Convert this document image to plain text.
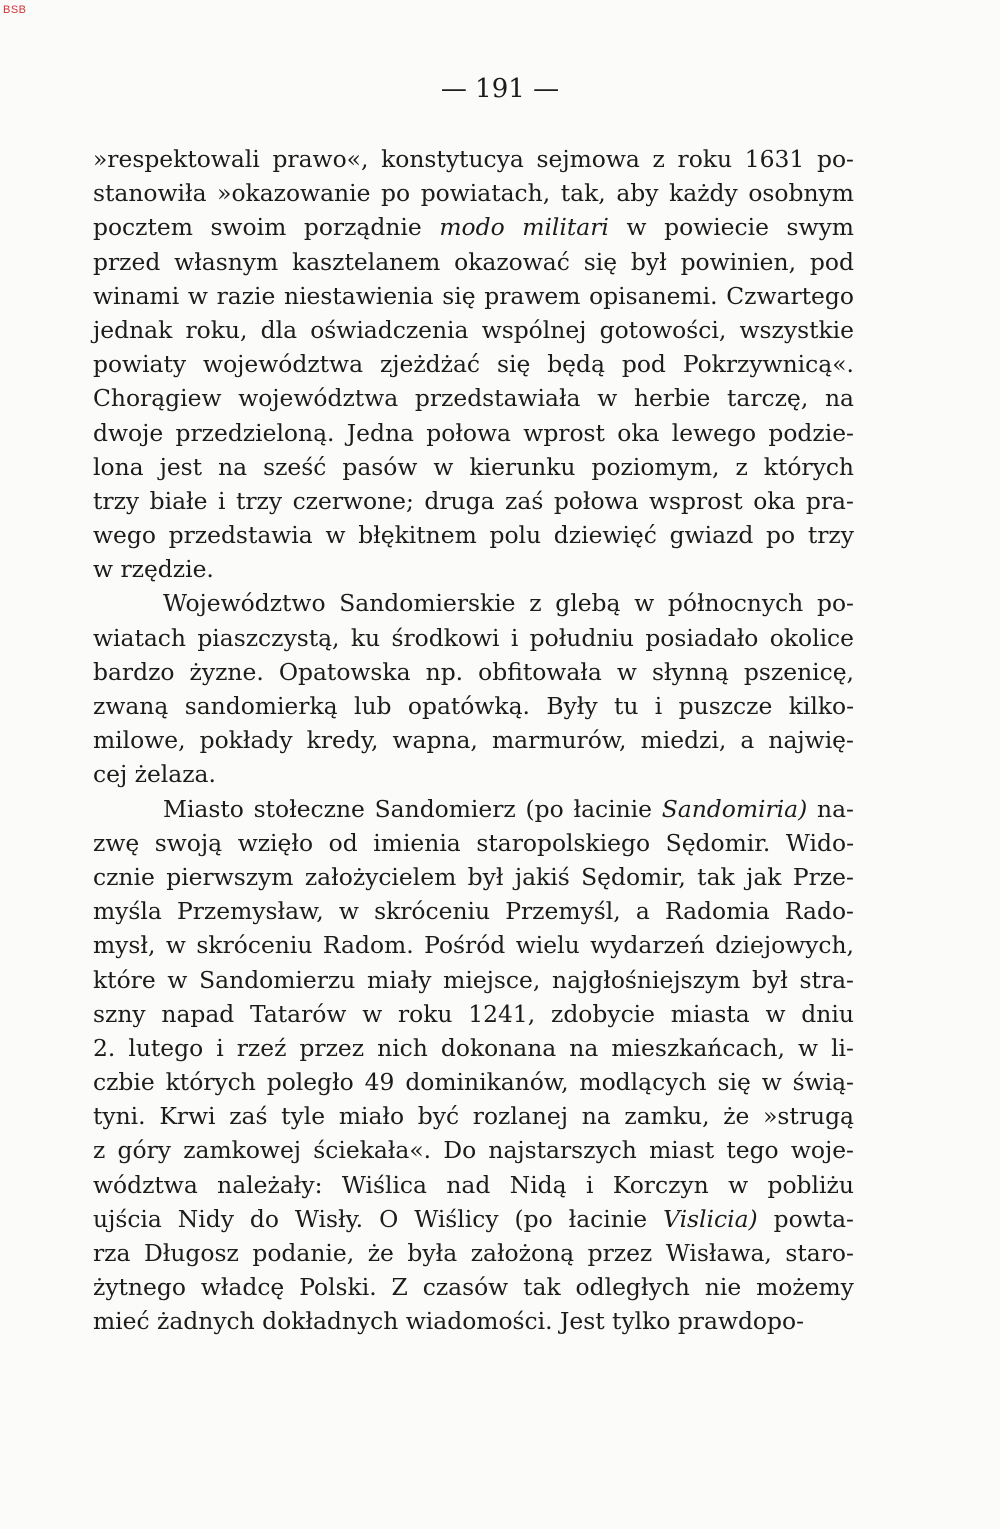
BSB
— 191 —
»respektowali prawo«, konstytucya sejmowa z roku 1631 po-
stanowiła »okazowanie po powiatach, tak, aby każdy osobnym
pocztem swoim porządnie modo militari w powiecie swym
przed własnym kasztelanem okazować się był powinien, pod
winami w razie niestawienia się prawem opisanemi. Czwartego
jednak roku, dla oświadczenia wspólnej gotowości, wszystkie
powiaty województwa zjeżdżać się będą pod Pokrzywnicą«.
Chorągiew województwa przedstawiała w herbie tarczę, na
dwoje przedzieloną. Jedna połowa wprost oka lewego podzie-
lona jest na sześć pasów w kierunku poziomym, z których
trzy białe i trzy czerwone; druga zaś połowa wsprost oka pra-
wego przedstawia w błękitnem polu dziewięć gwiazd po trzy
w rzędzie.
Województwo Sandomierskie z glebą w północnych po-
wiatach piaszczystą, ku środkowi i południu posiadało okolice
bardzo żyzne. Opatowska np. obfitowała w słynną pszenicę,
zwaną sandomierką lub opatówką. Były tu i puszcze kilko-
milowe, pokłady kredy, wapna, marmurów, miedzi, a najwię-
cej żelaza.
Miasto stołeczne Sandomierz (po łacinie Sandomiria) na-
zwę swoją wzięło od imienia staropolskiego Sędomir. Wido-
cznie pierwszym założycielem był jakiś Sędomir, tak jak Prze-
myśla Przemysław, w skróceniu Przemyśl, a Radomia Rado-
mysł, w skróceniu Radom. Pośród wielu wydarzeń dziejowych,
które w Sandomierzu miały miejsce, najgłośniejszym był stra-
szny napad Tatarów w roku 1241, zdobycie miasta w dniu
2. lutego i rzeź przez nich dokonana na mieszkańcach, w li-
czbie których poległo 49 dominikanów, modlących się w świą-
tyni. Krwi zaś tyle miało być rozlanej na zamku, że »strugą
z góry zamkowej ściekała«. Do najstarszych miast tego woje-
wództwa należały: Wiślica nad Nidą i Korczyn w pobliżu
ujścia Nidy do Wisły. O Wiślicy (po łacinie Vislicia) powta-
rza Długosz podanie, że była założoną przez Wisława, staro-
żytnego władcę Polski. Z czasów tak odległych nie możemy
mieć żadnych dokładnych wiadomości. Jest tylko prawdopo-
